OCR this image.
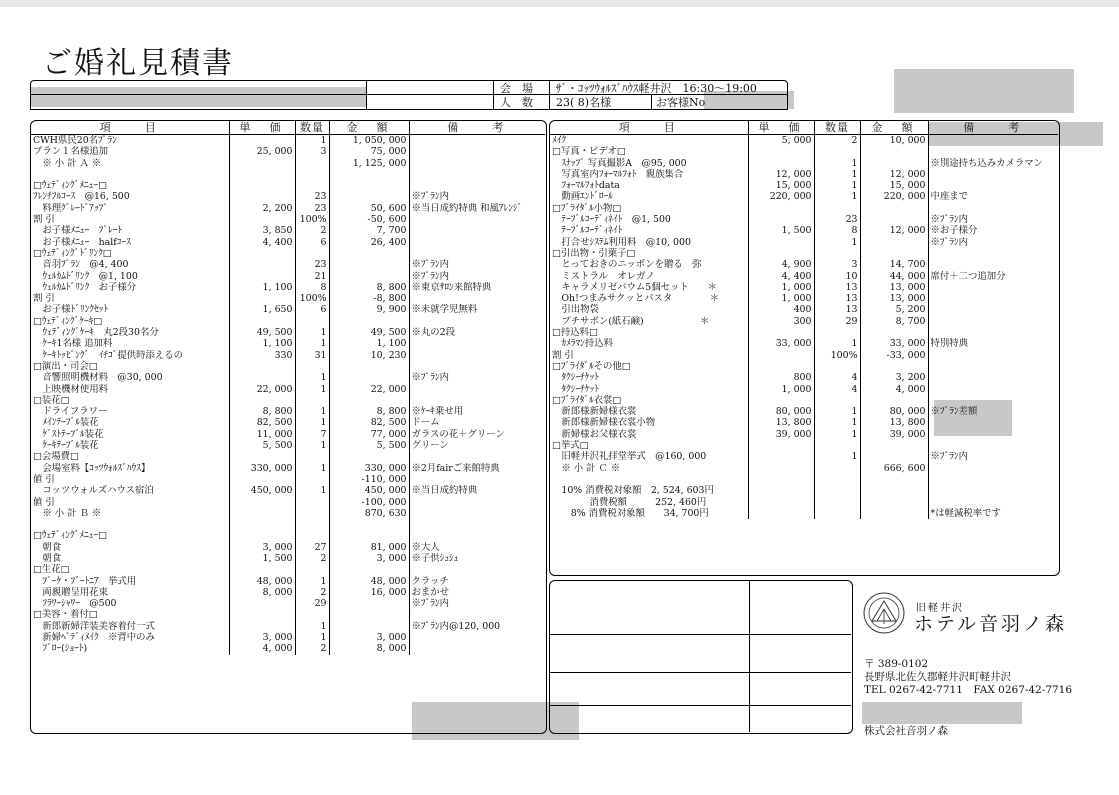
ご婚礼見積書
会　場 ｻﾞ・ｺｯﾂｳｫﾙｽﾞﾊｳｽ軽井沢　16:30～19:00
人　数 23( 8)名様	お客様No
項　　目	単　価	数量	金　額	備　　考
CWH県民20名ﾌﾟﾗﾝ		1	1, 050, 000	
プラン１名様追加	25, 000	3	75, 000	
　※ 小 計 Ａ ※			1, 125, 000	

□ｳｪﾃﾞｨﾝｸﾞﾒﾆｭｰ□				
ﾌﾚﾝﾁﾌﾙｺｰｽ　@16, 500		23		※ﾌﾟﾗﾝ内
　料理ｸﾞﾚｰﾄﾞｱｯﾌﾟ	2, 200	23	50, 600	※当日成約特典 和風ｱﾚﾝｼﾞ
割 引		100%	-50, 600	
　お子様ﾒﾆｭｰ　ﾌﾟﾚｰﾄ	3, 850	2	7, 700	
　お子様ﾒﾆｭｰ　halfｺｰｽ	4, 400	6	26, 400	
□ｳｪﾃﾞｨﾝｸﾞﾄﾞﾘﾝｸ□				
　音羽ﾌﾟﾗﾝ　@4, 400		23		※ﾌﾟﾗﾝ内
　ｳｪﾙｶﾑﾄﾞﾘﾝｸ　@1, 100		21		※ﾌﾟﾗﾝ内
　ｳｪﾙｶﾑﾄﾞﾘﾝｸ　お子様分	1, 100	8	8, 800	※東京ｻﾛﾝ来館特典
割 引		100%	-8, 800	
　お子様ﾄﾞﾘﾝｸｾｯﾄ	1, 650	6	9, 900	※未就学児無料
□ｳｪﾃﾞｨﾝｸﾞｹｰｷ□				
　ｳｪﾃﾞｨﾝｸﾞｹｰｷ　丸2段30名分	49, 500	1	49, 500	※丸の2段
　ｹｰｷ1名様 追加料	1, 100	1	1, 100	
　ｹｰｷﾄｯﾋﾟﾝｸﾞ　ｲﾁｺﾞ提供時添えるの	330	31	10, 230	
□演出・司会□				
　音響照明機材料　@30, 000		1		※ﾌﾟﾗﾝ内
　上映機材使用料	22, 000	1	22, 000	
□装花□				
　ドライフラワー	8, 800	1	8, 800	※ｹｰｷ乗せ用
　ﾒｲﾝﾃｰﾌﾞﾙ装花	82, 500	1	82, 500	ドーム
　ｹﾞｽﾄﾃｰﾌﾞﾙ装花	11, 000	7	77, 000	ガラスの花＋グリーン
　ｹｰｷﾃｰﾌﾞﾙ装花	5, 500	1	5, 500	グリーン
□会場費□				
　会場室料【ｺｯﾂｳｫﾙｽﾞﾊｳｽ】	330, 000	1	330, 000	※2月fairご来館特典
値 引			-110, 000	
　コッツウォルズハウス宿泊	450, 000	1	450, 000	※当日成約特典
値 引			-100, 000	
　※ 小 計 Ｂ ※			870, 630	

□ｳｪﾃﾞｨﾝｸﾞﾒﾆｭｰ□				
　朝食	3, 000	27	81, 000	※大人
　朝食	1, 500	2	3, 000	※子供ｼｭｼｭ
□生花□				
　ﾌﾞｰｹ・ﾌﾞｰﾄﾆｱ　挙式用	48, 000	1	48, 000	クラッチ
　両親贈呈用花束	8, 000	2	16, 000	おまかせ
　ﾌﾗﾜｰｼｬﾜｰ　@500		29		※ﾌﾟﾗﾝ内
□美容・着付□				
　新郎新婦洋装美容着付一式		1		※ﾌﾟﾗﾝ内@120, 000
　新婦ﾍﾞﾃﾞｨﾒｲｸ　※背中のみ	3, 000	1	3, 000	
　ﾌﾞﾛｰ(ｼｮｰﾄ)	4, 000	2	8, 000	
項　　目	単　価	数量	金　額	備　　考
ﾒｲｸ	5, 000	2	10, 000	
□写真・ビデオ□				
　ｽﾅｯﾌﾟ 写真撮影A　@95, 000		1		※別途持ち込みカメラマン
　写真室内ﾌｫｰﾏﾙﾌｫﾄ　親族集合	12, 000	1	12, 000	
　ﾌｫｰﾏﾙﾌｫﾄdata	15, 000	1	15, 000	
　動画ｴﾝﾄﾞﾛｰﾙ	220, 000	1	220, 000	中座まで
□ﾌﾞﾗｲﾀﾞﾙ小物□				
　ﾃｰﾌﾞﾙｺｰﾃﾞｨﾈｲﾄ　@1, 500		23		※ﾌﾟﾗﾝ内
　ﾃｰﾌﾞﾙｺｰﾃﾞｨﾈｲﾄ	1, 500	8	12, 000	※お子様分
　打合せｼｽﾃﾑ利用料　@10, 000		1		※ﾌﾟﾗﾝ内
□引出物・引菓子□				
　とっておきのニッポンを贈る　弥	4, 900	3	14, 700	
　ミストラル　オレガノ	4, 400	10	44, 000	席付＋二つ追加分
　キャラメリゼバウム5個セット　　＊	1, 000	13	13, 000	
　Oh!つまみサクッとパスタ　　　　＊	1, 000	13	13, 000	
　引出物袋	400	13	5, 200	
　プチサボン(紙石鹸)　　　　　　＊	300	29	8, 700	
□持込料□				
　ｶﾒﾗﾏﾝ持込料	33, 000	1	33, 000	特別特典
割 引		100%	-33, 000	
□ﾌﾞﾗｲﾀﾞﾙその他□				
　ﾀｸｼｰﾁｹｯﾄ	800	4	3, 200	
　ﾀｸｼｰﾁｹｯﾄ	1, 000	4	4, 000	
□ﾌﾞﾗｲﾀﾞﾙ衣裳□				
　新郎様新婦様衣裳	80, 000	1	80, 000	※ﾌﾟﾗﾝ差額
　新郎様新婦様衣裳小物	13, 800	1	13, 800	
　新婦様お父様衣裳	39, 000	1	39, 000	
□挙式□				
　旧軽井沢礼拝堂挙式　@160, 000		1		※ﾌﾟﾗﾝ内
　※ 小 計 Ｃ ※			666, 600	

　10% 消費税対象額　2, 524, 603円				
　　　　消費税額　　　252, 460円				
　　8% 消費税対象額　　34, 700円				*は軽減税率です
旧軽井沢
ホテル音羽ノ森
〒 389-0102
長野県北佐久郡軽井沢町軽井沢
TEL 0267-42-7711　FAX 0267-42-7716
株式会社音羽ノ森
